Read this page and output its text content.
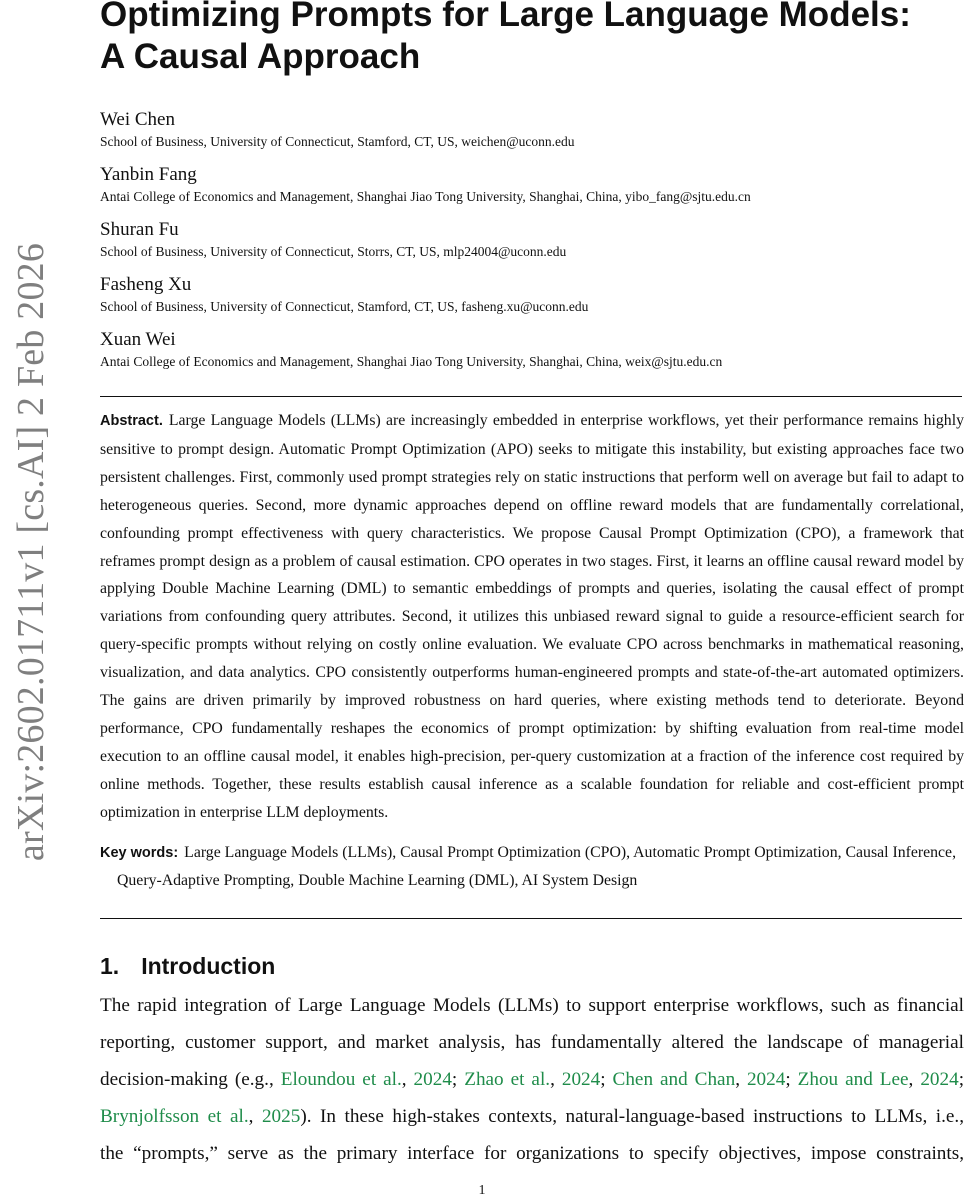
arXiv:2602.01711v1 [cs.AI] 2 Feb 2026
Optimizing Prompts for Large Language Models:
A Causal Approach
Wei Chen
School of Business, University of Connecticut, Stamford, CT, US, weichen@uconn.edu
Yanbin Fang
Antai College of Economics and Management, Shanghai Jiao Tong University, Shanghai, China, yibo_fang@sjtu.edu.cn
Shuran Fu
School of Business, University of Connecticut, Storrs, CT, US, mlp24004@uconn.edu
Fasheng Xu
School of Business, University of Connecticut, Stamford, CT, US, fasheng.xu@uconn.edu
Xuan Wei
Antai College of Economics and Management, Shanghai Jiao Tong University, Shanghai, China, weix@sjtu.edu.cn

Abstract. Large Language Models (LLMs) are increasingly embedded in enterprise workflows, yet their performance remains highly sensitive to prompt design. Automatic Prompt Optimization (APO) seeks to mitigate this instability, but existing approaches face two persistent challenges. First, commonly used prompt strategies rely on static instructions that perform well on average but fail to adapt to heterogeneous queries. Second, more dynamic approaches depend on offline reward models that are fundamentally correlational, confounding prompt effectiveness with query characteristics. We propose Causal Prompt Optimization (CPO), a framework that reframes prompt design as a problem of causal estimation. CPO operates in two stages. First, it learns an offline causal reward model by applying Double Machine Learning (DML) to semantic embeddings of prompts and queries, isolating the causal effect of prompt variations from confounding query attributes. Second, it utilizes this unbiased reward signal to guide a resource-efficient search for query-specific prompts without relying on costly online evaluation. We evaluate CPO across benchmarks in mathematical reasoning, visualization, and data analytics. CPO consistently outperforms human-engineered prompts and state-of-the-art automated optimizers. The gains are driven primarily by improved robustness on hard queries, where existing methods tend to deteriorate. Beyond performance, CPO fundamentally reshapes the economics of prompt optimization: by shifting evaluation from real-time model execution to an offline causal model, it enables high-precision, per-query customization at a fraction of the inference cost required by online methods. Together, these results establish causal inference as a scalable foundation for reliable and cost-efficient prompt optimization in enterprise LLM deployments.

Key words: Large Language Models (LLMs), Causal Prompt Optimization (CPO), Automatic Prompt Optimization, Causal Inference, Query-Adaptive Prompting, Double Machine Learning (DML), AI System Design

1. Introduction
The rapid integration of Large Language Models (LLMs) to support enterprise workflows, such as financial
reporting, customer support, and market analysis, has fundamentally altered the landscape of managerial
decision-making (e.g., Eloundou et al., 2024; Zhao et al., 2024; Chen and Chan, 2024; Zhou and Lee, 2024;
Brynjolfsson et al., 2025). In these high-stakes contexts, natural-language-based instructions to LLMs, i.e.,
the “prompts,” serve as the primary interface for organizations to specify objectives, impose constraints,
1
